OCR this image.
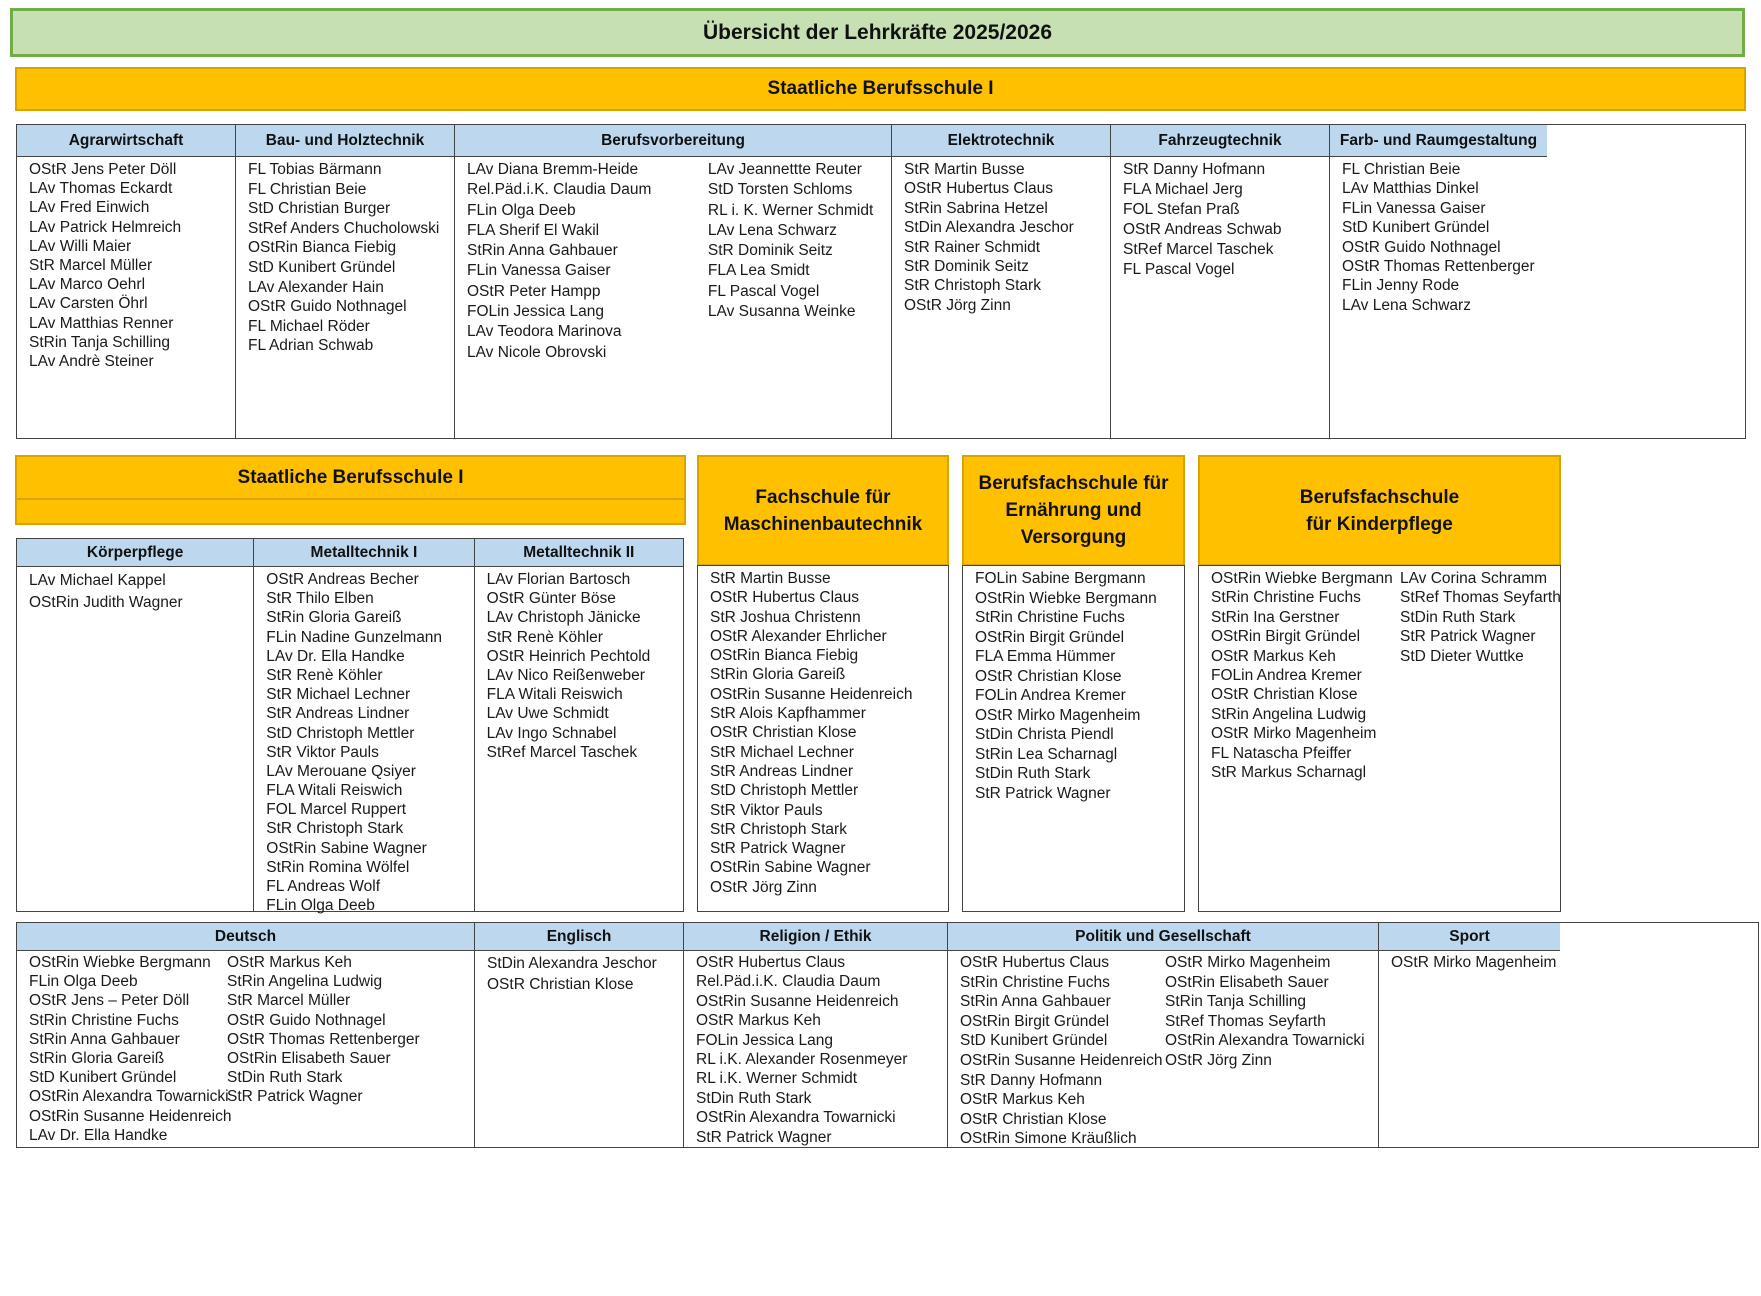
Übersicht der Lehrkräfte 2025/2026
Staatliche Berufsschule I
Agrarwirtschaft
OStR Jens Peter Döll
LAv Thomas Eckardt
LAv Fred Einwich
LAv Patrick Helmreich
LAv Willi Maier
StR Marcel Müller
LAv Marco Oehrl
LAv Carsten Öhrl
LAv Matthias Renner
StRin Tanja Schilling
LAv Andrè Steiner
Bau- und Holztechnik
FL Tobias Bärmann
FL Christian Beie
StD Christian Burger
StRef Anders Chucholowski
OStRin Bianca Fiebig
StD Kunibert Gründel
LAv Alexander Hain
OStR Guido Nothnagel
FL Michael Röder
FL Adrian Schwab
Berufsvorbereitung
LAv Diana Bremm-Heide
Rel.Päd.i.K. Claudia Daum
FLin Olga Deeb
FLA Sherif El Wakil
StRin Anna Gahbauer
FLin Vanessa Gaiser
OStR Peter Hampp
FOLin Jessica Lang
LAv Teodora Marinova
LAv Nicole Obrovski
LAv Jeannettte Reuter
StD Torsten Schloms
RL i. K. Werner Schmidt
LAv Lena Schwarz
StR Dominik Seitz
FLA Lea Smidt
FL Pascal Vogel
LAv Susanna Weinke
Elektrotechnik
StR Martin Busse
OStR Hubertus Claus
StRin Sabrina Hetzel
StDin Alexandra Jeschor
StR Rainer Schmidt
StR Dominik Seitz
StR Christoph Stark
OStR Jörg Zinn
Fahrzeugtechnik
StR Danny Hofmann
FLA Michael Jerg
FOL Stefan Praß
OStR Andreas Schwab
StRef Marcel Taschek
FL Pascal Vogel
Farb- und Raumgestaltung
FL Christian Beie
LAv Matthias Dinkel
FLin Vanessa Gaiser
StD Kunibert Gründel
OStR Guido Nothnagel
OStR Thomas Rettenberger
FLin Jenny Rode
LAv Lena Schwarz
Staatliche Berufsschule I
Körperpflege
LAv Michael Kappel
OStRin Judith Wagner
Metalltechnik I
OStR Andreas Becher
StR Thilo Elben
StRin Gloria Gareiß
FLin Nadine Gunzelmann
LAv Dr. Ella Handke
StR Renè Köhler
StR Michael Lechner
StR Andreas Lindner
StD Christoph Mettler
StR Viktor Pauls
LAv Merouane Qsiyer
FLA Witali Reiswich
FOL Marcel Ruppert
StR Christoph Stark
OStRin Sabine Wagner
StRin Romina Wölfel
FL Andreas Wolf
FLin Olga Deeb
Metalltechnik II
LAv Florian Bartosch
OStR Günter Böse
LAv Christoph Jänicke
StR Renè Köhler
OStR Heinrich Pechtold
LAv Nico Reißenweber
FLA Witali Reiswich
LAv Uwe Schmidt
LAv Ingo Schnabel
StRef Marcel Taschek
Fachschule für
Maschinenbautechnik
StR Martin Busse
OStR Hubertus Claus
StR Joshua Christenn
OStR Alexander Ehrlicher
OStRin Bianca Fiebig
StRin Gloria Gareiß
OStRin Susanne Heidenreich
StR Alois Kapfhammer
OStR Christian Klose
StR Michael Lechner
StR Andreas Lindner
StD Christoph Mettler
StR Viktor Pauls
StR Christoph Stark
StR Patrick Wagner
OStRin Sabine Wagner
OStR Jörg Zinn
Berufsfachschule für
Ernährung und Versorgung
FOLin Sabine Bergmann
OStRin Wiebke Bergmann
StRin Christine Fuchs
OStRin Birgit Gründel
FLA Emma Hümmer
OStR Christian Klose
FOLin Andrea Kremer
OStR Mirko Magenheim
StDin Christa Piendl
StRin Lea Scharnagl
StDin Ruth Stark
StR Patrick Wagner
Berufsfachschule
für Kinderpflege
OStRin Wiebke Bergmann
StRin Christine Fuchs
StRin Ina Gerstner
OStRin Birgit Gründel
OStR Markus Keh
FOLin Andrea Kremer
OStR Christian Klose
StRin Angelina Ludwig
OStR Mirko Magenheim
FL Natascha Pfeiffer
StR Markus Scharnagl
LAv Corina Schramm
StRef Thomas Seyfarth
StDin Ruth Stark
StR Patrick Wagner
StD Dieter Wuttke
Deutsch
OStRin Wiebke Bergmann
FLin Olga Deeb
OStR Jens – Peter Döll
StRin Christine Fuchs
StRin Anna Gahbauer
StRin Gloria Gareiß
StD Kunibert Gründel
OStRin Alexandra Towarnicki
OStRin Susanne Heidenreich
LAv Dr. Ella Handke
OStR Markus Keh
StRin Angelina Ludwig
StR Marcel Müller
OStR Guido Nothnagel
OStR Thomas Rettenberger
OStRin Elisabeth Sauer
StDin Ruth Stark
StR Patrick Wagner
Englisch
StDin Alexandra Jeschor
OStR Christian Klose
Religion / Ethik
OStR Hubertus Claus
Rel.Päd.i.K. Claudia Daum
OStRin Susanne Heidenreich
OStR Markus Keh
FOLin Jessica Lang
RL i.K. Alexander Rosenmeyer
RL i.K. Werner Schmidt
StDin Ruth Stark
OStRin Alexandra Towarnicki
StR Patrick Wagner
Politik und Gesellschaft
OStR Hubertus Claus
StRin Christine Fuchs
StRin Anna Gahbauer
OStRin Birgit Gründel
StD Kunibert Gründel
OStRin Susanne Heidenreich
StR Danny Hofmann
OStR Markus Keh
OStR Christian Klose
OStRin Simone Kräußlich
OStR Mirko Magenheim
OStRin Elisabeth Sauer
StRin Tanja Schilling
StRef Thomas Seyfarth
OStRin Alexandra Towarnicki
OStR Jörg Zinn
Sport
OStR Mirko Magenheim
